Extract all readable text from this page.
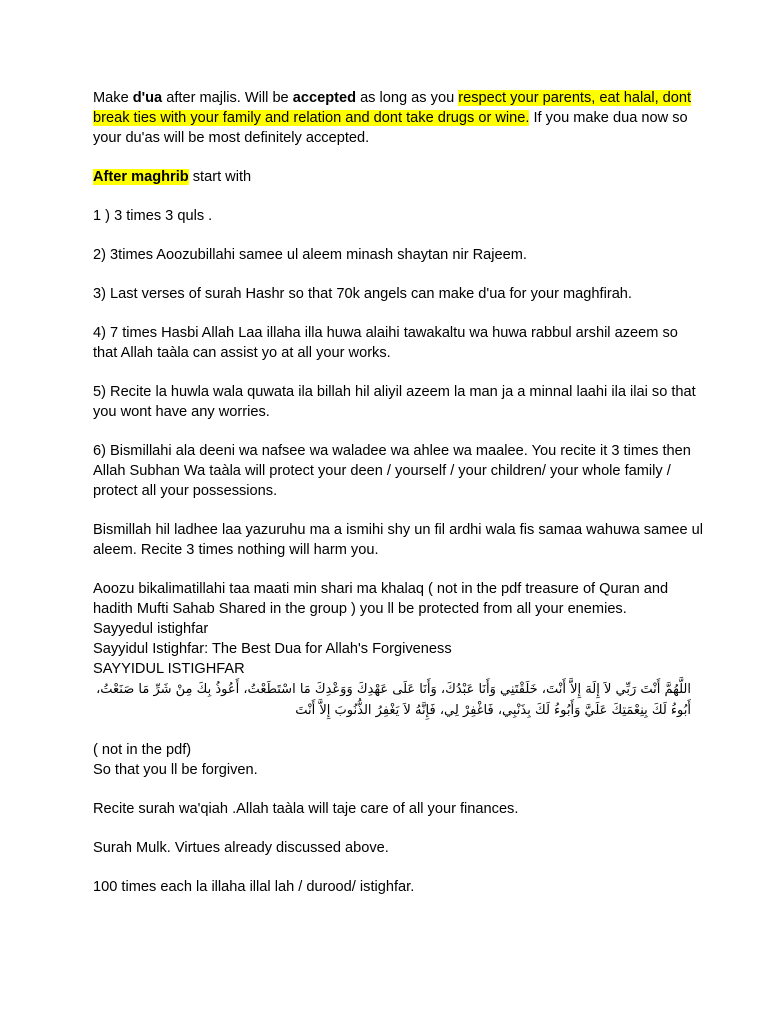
Make d'ua after majlis. Will be accepted as long as you respect your parents, eat halal, dont break ties with your family and relation and dont take drugs or wine. If you make dua now so your du'as will be most definitely accepted.

After maghrib start with

1 ) 3 times 3 quls .

2) 3times Aoozubillahi samee ul aleem minash shaytan nir Rajeem.

3) Last verses of surah Hashr so that 70k angels can make d'ua for your maghfirah.

4) 7 times Hasbi Allah Laa illaha illa huwa alaihi tawakaltu wa huwa rabbul arshil azeem so that Allah taàla can assist yo at all your works.

5) Recite la huwla wala quwata ila billah hil aliyil azeem la man ja a minnal laahi ila ilai so that you wont have any worries.

6) Bismillahi ala deeni wa nafsee wa waladee wa ahlee wa maalee. You recite it 3 times then Allah Subhan Wa taàla will protect your deen / yourself / your children/ your whole family / protect all your possessions.

Bismillah hil ladhee laa yazuruhu ma a ismihi shy un fil ardhi wala fis samaa wahuwa samee ul aleem. Recite 3 times nothing will harm you.

Aoozu bikalimatillahi taa maati min shari ma khalaq ( not in the pdf treasure of Quran and hadith Mufti Sahab Shared in the group ) you ll be protected from all your enemies.

Sayyedul istighfar

Sayyidul Istighfar: The Best Dua for Allah's Forgiveness

SAYYIDUL ISTIGHFAR

اللَّهُمَّ أَنْتَ رَبِّي لاَ إِلَهَ إِلاَّ أَنْتَ، خَلَقْتَنِي وَأَنَا عَبْدُكَ، وَأَنَا عَلَى عَهْدِكَ وَوَعْدِكَ مَا اسْتَطَعْتُ، أَعُوذُ بِكَ مِنْ شَرِّ مَا صَنَعْتُ، أَبُوءُ لَكَ بِنِعْمَتِكَ عَلَيَّ وَأَبُوءُ لَكَ بِذَنْبِي، فَاغْفِرْ لِي، فَإِنَّهُ لاَ يَغْفِرُ الذُّنُوبَ إِلاَّ أَنْتَ

( not in the pdf)

So that you ll be forgiven.

Recite surah wa'qiah .Allah taàla will taje care of all your finances.

Surah Mulk. Virtues already discussed above.

100 times each la illaha illal lah / durood/ istighfar.
